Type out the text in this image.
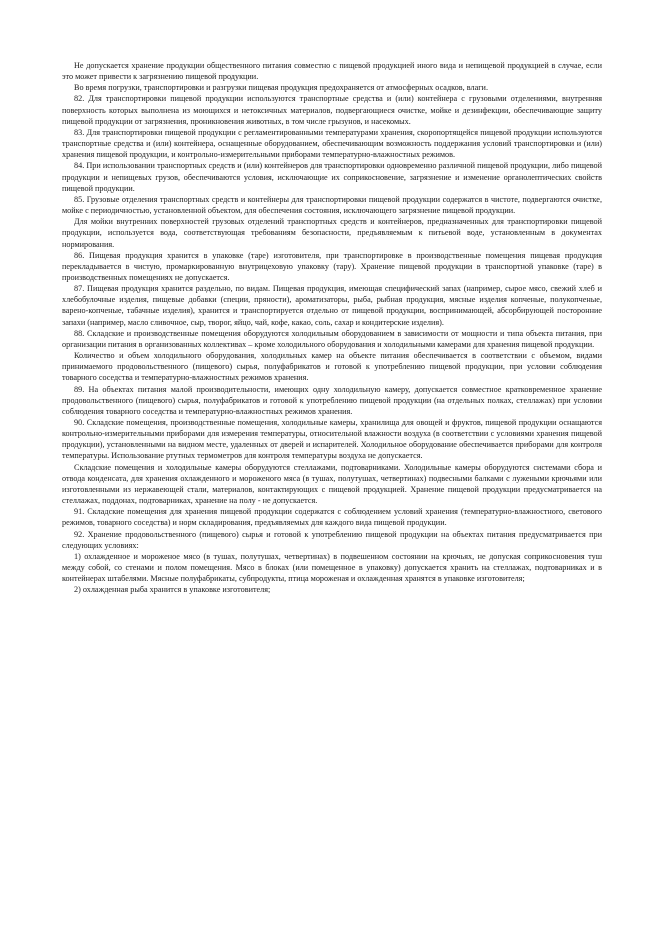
Не допускается хранение продукции общественного питания совместно с пищевой продукцией иного вида и непищевой продукцией в случае, если это может привести к загрязнению пищевой продукции.

Во время погрузки, транспортировки и разгрузки пищевая продукция предохраняется от атмосферных осадков, влаги.

82. Для транспортировки пищевой продукции используются транспортные средства и (или) контейнера с грузовыми отделениями, внутренняя поверхность которых выполнена из моющихся и нетоксичных материалов, подвергающиеся очистке, мойке и дезинфекции, обеспечивающие защиту пищевой продукции от загрязнения, проникновения животных, в том числе грызунов, и насекомых.

83. Для транспортировки пищевой продукции с регламентированными температурами хранения, скоропортящейся пищевой продукции используются транспортные средства и (или) контейнера, оснащенные оборудованием, обеспечивающим возможность поддержания условий транспортировки и (или) хранения пищевой продукции, и контрольно-измерительными приборами температурно-влажностных режимов.

84. При использовании транспортных средств и (или) контейнеров для транспортировки одновременно различной пищевой продукции, либо пищевой продукции и непищевых грузов, обеспечиваются условия, исключающие их соприкосновение, загрязнение и изменение органолептических свойств пищевой продукции.

85. Грузовые отделения транспортных средств и контейнеры для транспортировки пищевой продукции содержатся в чистоте, подвергаются очистке, мойке с периодичностью, установленной объектом, для обеспечения состояния, исключающего загрязнение пищевой продукции.

Для мойки внутренних поверхностей грузовых отделений транспортных средств и контейнеров, предназначенных для транспортировки пищевой продукции, используется вода, соответствующая требованиям безопасности, предъявляемым к питьевой воде, установленным в документах нормирования.

86. Пищевая продукция хранится в упаковке (таре) изготовителя, при транспортировке в производственные помещения пищевая продукция перекладывается в чистую, промаркированную внутрицеховую упаковку (тару). Хранение пищевой продукции в транспортной упаковке (таре) в производственных помещениях не допускается.

87. Пищевая продукция хранится раздельно, по видам. Пищевая продукция, имеющая специфический запах (например, сырое мясо, свежий хлеб и хлебобулочные изделия, пищевые добавки (специи, пряности), ароматизаторы, рыба, рыбная продукция, мясные изделия копченые, полукопченые, варено-копченые, табачные изделия), хранится и транспортируется отдельно от пищевой продукции, воспринимающей, абсорбирующей посторонние запахи (например, масло сливочное, сыр, творог, яйцо, чай, кофе, какао, соль, сахар и кондитерские изделия).

88. Складские и производственные помещения оборудуются холодильным оборудованием в зависимости от мощности и типа объекта питания, при организации питания в организованных коллективах – кроме холодильного оборудования и холодильными камерами для хранения пищевой продукции.

Количество и объем холодильного оборудования, холодильных камер на объекте питания обеспечивается в соответствии с объемом, видами принимаемого продовольственного (пищевого) сырья, полуфабрикатов и готовой к употреблению пищевой продукции, при условии соблюдения товарного соседства и температурно-влажностных режимов хранения.

89. На объектах питания малой производительности, имеющих одну холодильную камеру, допускается совместное кратковременное хранение продовольственного (пищевого) сырья, полуфабрикатов и готовой к употреблению пищевой продукции (на отдельных полках, стеллажах) при условии соблюдения товарного соседства и температурно-влажностных режимов хранения.

90. Складские помещения, производственные помещения, холодильные камеры, хранилища для овощей и фруктов, пищевой продукции оснащаются контрольно-измерительными приборами для измерения температуры, относительной влажности воздуха (в соответствии с условиями хранения пищевой продукции), установленными на видном месте, удаленных от дверей и испарителей. Холодильное оборудование обеспечивается приборами для контроля температуры. Использование ртутных термометров для контроля температуры воздуха не допускается.

Складские помещения и холодильные камеры оборудуются стеллажами, подтоварниками. Холодильные камеры оборудуются системами сбора и отвода конденсата, для хранения охлажденного и мороженого мяса (в тушах, полутушах, четвертинах) подвесными балками с лужеными крючьями или изготовленными из нержавеющей стали, материалов, контактирующих с пищевой продукцией. Хранение пищевой продукции предусматривается на стеллажах, поддонах, подтоварниках, хранение на полу - не допускается.

91. Складские помещения для хранения пищевой продукции содержатся с соблюдением условий хранения (температурно-влажностного, светового режимов, товарного соседства) и норм складирования, предъявляемых для каждого вида пищевой продукции.

92. Хранение продовольственного (пищевого) сырья и готовой к употреблению пищевой продукции на объектах питания предусматривается при следующих условиях:

1) охлажденное и мороженое мясо (в тушах, полутушах, четвертинах) в подвешенном состоянии на крючьях, не допуская соприкосновения туш между собой, со стенами и полом помещения. Мясо в блоках (или помещенное в упаковку) допускается хранить на стеллажах, подтоварниках и в контейнерах штабелями. Мясные полуфабрикаты, субпродукты, птица мороженая и охлажденная хранятся в упаковке изготовителя;

2) охлажденная рыба хранится в упаковке изготовителя;
